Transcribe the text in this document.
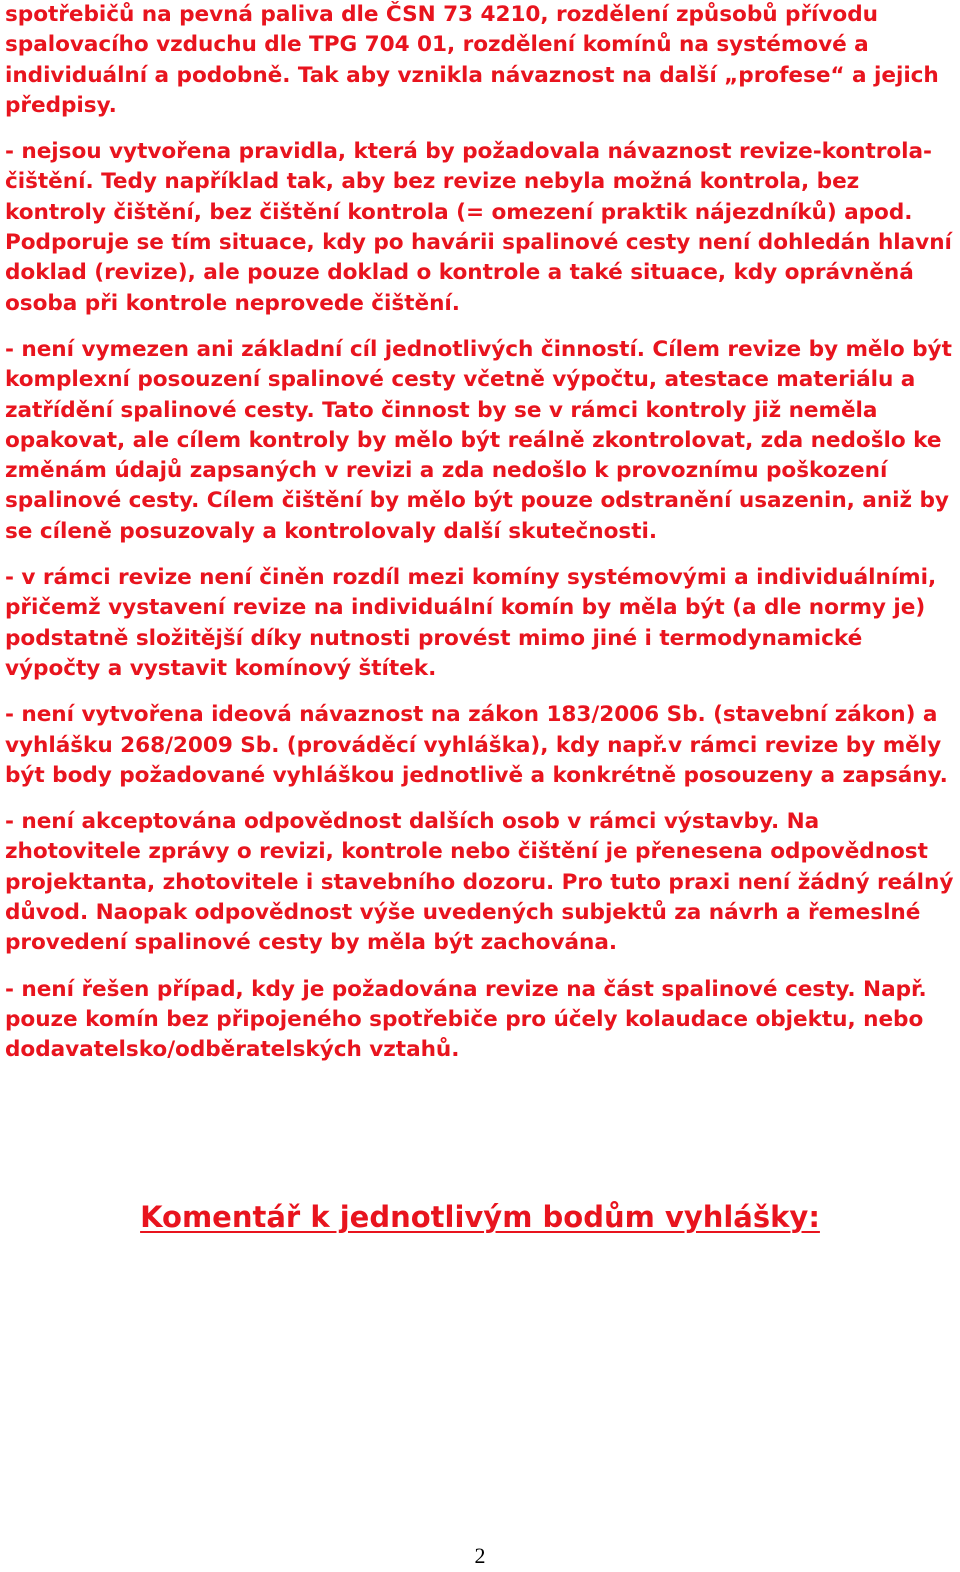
spotřebičů na pevná paliva dle ČSN 73 4210, rozdělení způsobů přívodu spalovacího vzduchu dle TPG 704 01, rozdělení komínů na systémové a individuální a podobně. Tak aby vznikla návaznost na další „profese“ a jejich předpisy.

- nejsou vytvořena pravidla, která by požadovala návaznost revize-kontrola-čištění. Tedy například tak, aby bez revize nebyla možná kontrola, bez kontroly čištění, bez čištění kontrola (= omezení praktik nájezdníků) apod. Podporuje se tím situace, kdy po havárii spalinové cesty není dohledán hlavní doklad (revize), ale pouze doklad o kontrole a také situace, kdy oprávněná osoba při kontrole neprovede čištění.

- není vymezen ani základní cíl jednotlivých činností. Cílem revize by mělo být komplexní posouzení spalinové cesty včetně výpočtu, atestace materiálu a zatřídění spalinové cesty. Tato činnost by se v rámci kontroly již neměla opakovat, ale cílem kontroly by mělo být reálně zkontrolovat, zda nedošlo ke změnám údajů zapsaných v revizi a zda nedošlo k provoznímu poškození spalinové cesty. Cílem čištění by mělo být pouze odstranění usazenin, aniž by se cíleně posuzovaly a kontrolovaly další skutečnosti.

- v rámci revize není činěn rozdíl mezi komíny systémovými a individuálními, přičemž vystavení revize na individuální komín by měla být (a dle normy je) podstatně složitější díky nutnosti provést mimo jiné i termodynamické výpočty a vystavit komínový štítek.

- není vytvořena ideová návaznost na zákon 183/2006 Sb. (stavební zákon) a vyhlášku 268/2009 Sb. (prováděcí vyhláška), kdy např.v rámci revize by měly být body požadované vyhláškou jednotlivě a konkrétně posouzeny a zapsány.

- není akceptována odpovědnost dalších osob v rámci výstavby. Na zhotovitele zprávy o revizi, kontrole nebo čištění je přenesena odpovědnost projektanta, zhotovitele i stavebního dozoru. Pro tuto praxi není žádný reálný důvod. Naopak odpovědnost výše uvedených subjektů za návrh a řemeslné provedení spalinové cesty by měla být zachována.

- není řešen případ, kdy je požadována revize na část spalinové cesty. Např. pouze komín bez připojeného spotřebiče pro účely kolaudace objektu, nebo dodavatelsko/odběratelských vztahů.

Komentář k jednotlivým bodům vyhlášky:
2
